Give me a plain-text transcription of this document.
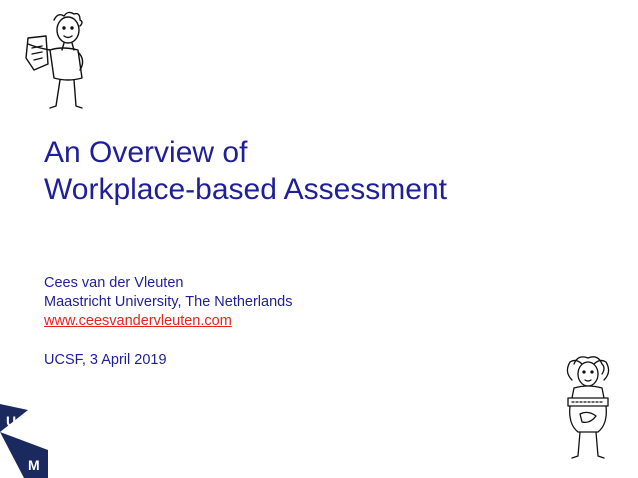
An Overview of
Workplace-based Assessment
Cees van der Vleuten
Maastricht University, The Netherlands
www.ceesvandervleuten.com
UCSF, 3 April 2019
U
M
